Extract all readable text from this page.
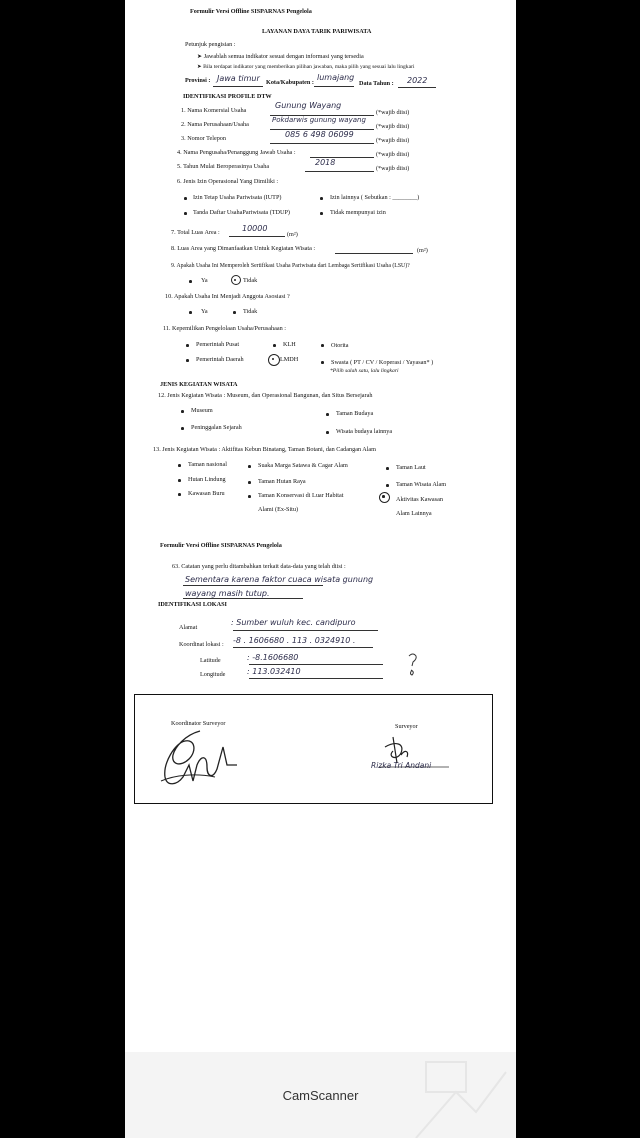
Formulir Versi Offline SISPARNAS Pengelola
LAYANAN DAYA TARIK PARIWISATA
Petunjuk pengisian :
➤ Jawablah semua indikator sesuai dengan informasi yang tersedia
➤ Bila terdapat indikator yang memberikan pilihan jawaban, maka pilih yang sesuai lalu lingkari
Provinsi : Jawa timur Kota/Kabupaten :
lumajang
Data Tahun : 2022
IDENTIFIKASI PROFILE DTW
1. Nama Komersial Usaha
Gunung Wayang
(*wajib diisi)
2. Nama Perusahaan/Usaha
Pokdarwis gunung wayang
(*wajib diisi)
3. Nomor Telepon	085 6 498 06099
(*wajib diisi)
4. Nama Pengusaha/Penanggung Jawab Usaha :	(*wajib diisi)
5. Tahun Mulai Beroperasinya Usaha	2018
(*wajib diisi)
6. Jenis Izin Operasional Yang Dimiliki :
Izin Tetap Usaha Pariwisata (IUTP)	Izin lainnya ( Sebutkan : ________)
Tanda Daftar UsahaPariwisata (TDUP)	Tidak mempunyai izin
7. Total Luas Area :	10000
(m²)
8. Luas Area yang Dimanfaatkan Untuk Kegiatan Wisata :	(m²)
9. Apakah Usaha Ini Memperoleh Sertifikasi Usaha Pariwisata dari Lembaga Sertifikasi Usaha (LSU)?
Ya	Tidak
10. Apakah Usaha Ini Menjadi Anggota Asosiasi ?
Ya	Tidak
11. Kepemilikan Pengelolaan Usaha/Perusahaan :
Pemerintah Pusat	KLH	Otorita
Pemerintah Daerah	LMDH	Swasta ( PT / CV / Koperasi / Yayasan* )
*Pilih salah satu, lalu lingkari
JENIS KEGIATAN WISATA
12. Jenis Kegiatan Wisata : Museum, dan Operasional Bangunan, dan Situs Bersejarah
Museum	Taman Budaya
Peninggalan Sejarah
Wisata budaya lainnya
13. Jenis Kegiatan Wisata : Aktifitas Kebun Binatang, Taman Botani, dan Cadangan Alam
Taman nasional	Suaka Marga Satawa & Cagar Alam	Taman Laut
Hutan Lindung	Taman Hutan Raya	Taman Wisata Alam
Kawasan Buru	Taman Konservasi di Luar Habitat
Alami (Ex-Situ)
Aktivitas Kawasan
Alam Lainnya
Formulir Versi Offline SISPARNAS Pengelola
63. Catatan yang perlu ditambahkan terkait data-data yang telah diisi :
Sementara karena faktor cuaca wisata gunung
wayang masih tutup.
IDENTIFIKASI LOKASI
Alamat
: Sumber wuluh kec. candipuro
Koordinat lokasi : -8 . 1606680 . 113 . 0324910 .
Latitude	: -8.1606680
Longitude	: 113.032410
Koordinator Surveyor	Surveyor
Rizka Tri Andani
CamScanner
